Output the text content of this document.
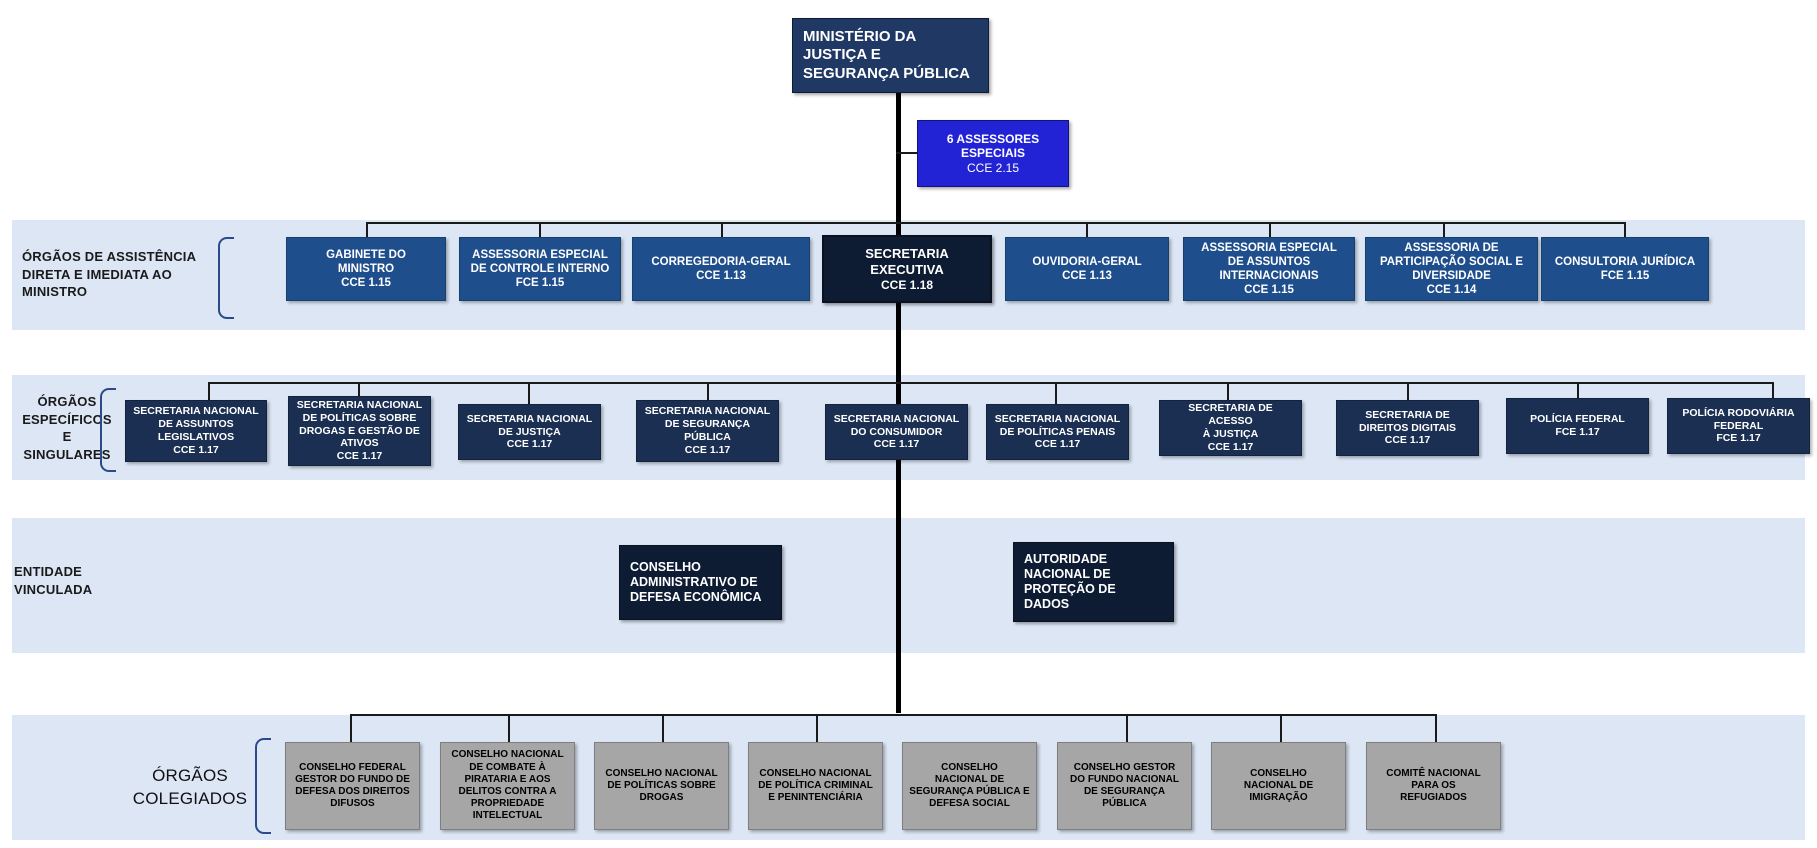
ÓRGÃOS DE ASSISTÊNCIA DIRETA E IMEDIATA AO MINISTRO
ÓRGÃOS ESPECÍFICOS E SINGULARES
ENTIDADE VINCULADA
ÓRGÃOS COLEGIADOS
MINISTÉRIO DA JUSTIÇA E
SEGURANÇA PÚBLICA
6 ASSESSORES
ESPECIAIS
CCE 2.15
GABINETE DO
MINISTRO
CCE 1.15
ASSESSORIA ESPECIAL
DE CONTROLE INTERNO
FCE 1.15
CORREGEDORIA-GERAL
CCE 1.13
SECRETARIA
EXECUTIVA
CCE 1.18
OUVIDORIA-GERAL
CCE 1.13
ASSESSORIA ESPECIAL
DE ASSUNTOS
INTERNACIONAIS
CCE 1.15
ASSESSORIA DE
PARTICIPAÇÃO SOCIAL E
DIVERSIDADE
CCE 1.14
CONSULTORIA JURÍDICA
FCE 1.15
SECRETARIA NACIONAL
DE ASSUNTOS
LEGISLATIVOS
CCE 1.17
SECRETARIA NACIONAL
DE POLÍTICAS SOBRE
DROGAS E GESTÃO DE
ATIVOS
CCE 1.17
SECRETARIA NACIONAL
DE JUSTIÇA
CCE 1.17
SECRETARIA NACIONAL
DE SEGURANÇA
PÚBLICA
CCE 1.17
SECRETARIA NACIONAL
DO CONSUMIDOR
CCE 1.17
SECRETARIA NACIONAL
DE POLÍTICAS PENAIS
CCE 1.17
SECRETARIA DE ACESSO
À JUSTIÇA
CCE 1.17
SECRETARIA DE
DIREITOS DIGITAIS
CCE 1.17
POLÍCIA FEDERAL
FCE 1.17
POLÍCIA RODOVIÁRIA
FEDERAL
FCE 1.17
CONSELHO
ADMINISTRATIVO DE
DEFESA ECONÔMICA
AUTORIDADE
NACIONAL DE
PROTEÇÃO DE
DADOS
CONSELHO FEDERAL
GESTOR DO FUNDO DE
DEFESA DOS DIREITOS
DIFUSOS
CONSELHO NACIONAL
DE COMBATE À
PIRATARIA E AOS
DELITOS CONTRA A
PROPRIEDADE
INTELECTUAL
CONSELHO NACIONAL
DE POLÍTICAS SOBRE
DROGAS
CONSELHO NACIONAL
DE POLÍTICA CRIMINAL
E PENINTENCIÁRIA
CONSELHO
NACIONAL DE
SEGURANÇA PÚBLICA E
DEFESA SOCIAL
CONSELHO GESTOR
DO FUNDO NACIONAL
DE SEGURANÇA
PÚBLICA
CONSELHO
NACIONAL DE
IMIGRAÇÃO
COMITÊ NACIONAL
PARA OS
REFUGIADOS
